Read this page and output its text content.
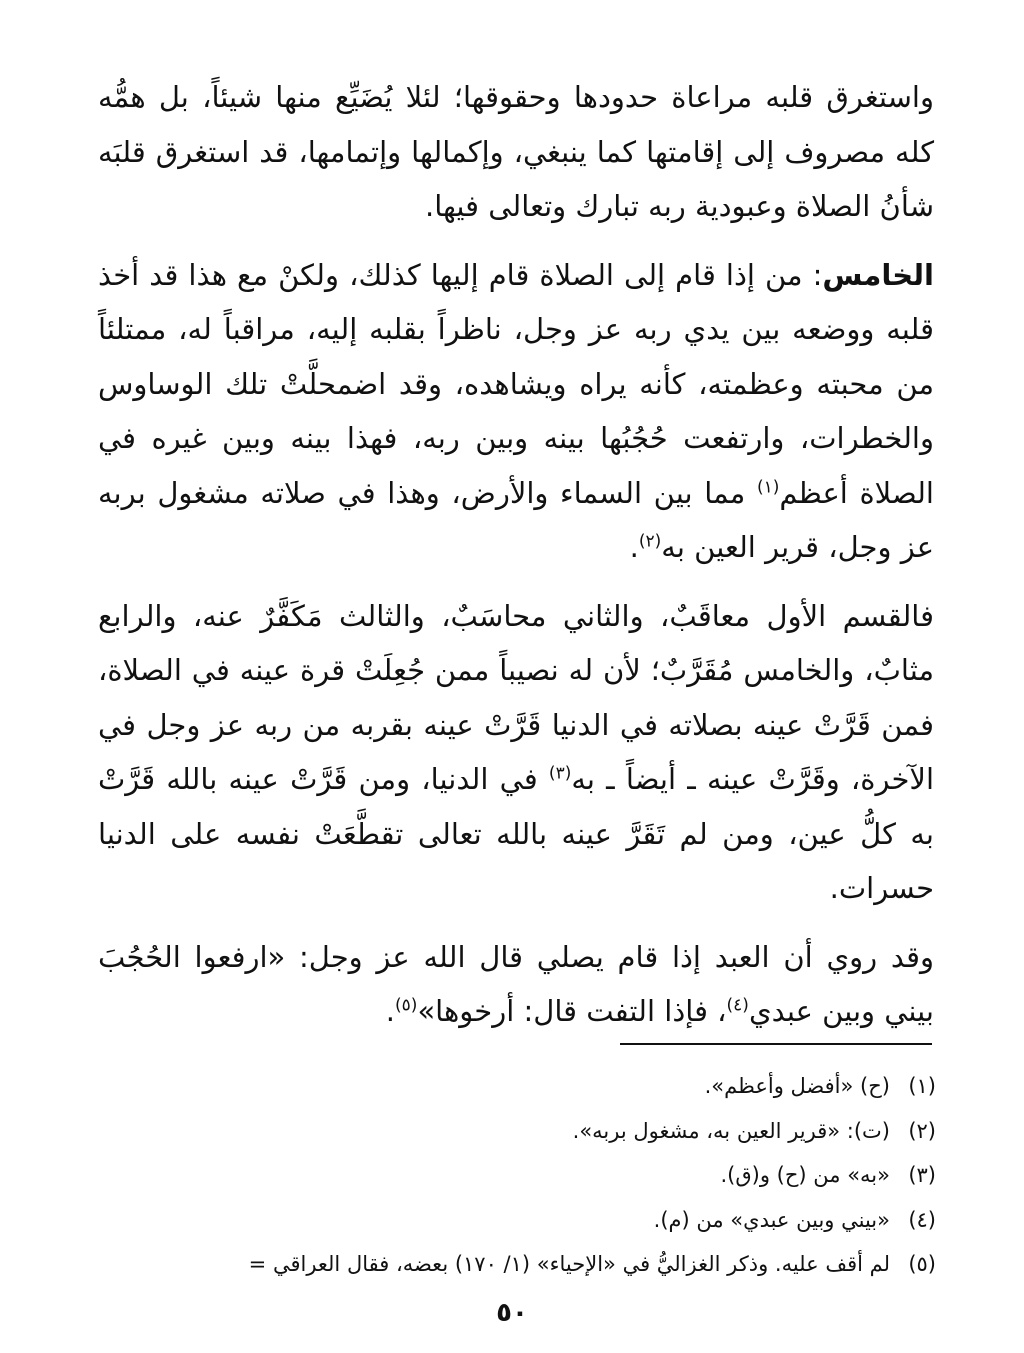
واستغرق قلبه مراعاة حدودها وحقوقها؛ لئلا يُضَيِّع منها شيئاً، بل همُّه كله مصروف إلى إقامتها كما ينبغي، وإكمالها وإتمامها، قد استغرق قلبَه شأنُ الصلاة وعبودية ربه تبارك وتعالى فيها.

الخامس: من إذا قام إلى الصلاة قام إليها كذلك، ولكنْ مع هذا قد أخذ قلبه ووضعه بين يدي ربه عز وجل، ناظراً بقلبه إليه، مراقباً له، ممتلئاً من محبته وعظمته، كأنه يراه ويشاهده، وقد اضمحلَّتْ تلك الوساوس والخطرات، وارتفعت حُجُبُها بينه وبين ربه، فهذا بينه وبين غيره في الصلاة أعظم$^{(١)}$ مما بين السماء والأرض، وهذا في صلاته مشغول بربه عز وجل، قرير العين به$^{(٢)}$.

فالقسم الأول معاقَبٌ، والثاني محاسَبٌ، والثالث مَكَفَّرٌ عنه، والرابع مثابٌ، والخامس مُقَرَّبٌ؛ لأن له نصيباً ممن جُعِلَتْ قرة عينه في الصلاة، فمن قَرَّتْ عينه بصلاته في الدنيا قَرَّتْ عينه بقربه من ربه عز وجل في الآخرة، وقَرَّتْ عينه ـ أيضاً ـ به$^{(٣)}$ في الدنيا، ومن قَرَّتْ عينه بالله قَرَّتْ به كلُّ عين، ومن لم تَقَرَّ عينه بالله تعالى تقطَّعَتْ نفسه على الدنيا حسرات.

وقد روي أن العبد إذا قام يصلي قال الله عز وجل: «ارفعوا الحُجُبَ بيني وبين عبدي$^{(٤)}$، فإذا التفت قال: أرخوها»$^{(٥)}$.

(١)(ح) «أفضل وأعظم».
(٢)(ت): «قرير العين به، مشغول بربه».
(٣)«به» من (ح) و(ق).
(٤)«بيني وبين عبدي» من (م).
(٥)لم أقف عليه. وذكر الغزاليُّ في «الإحياء» (١/ ١٧٠) بعضه، فقال العراقي =
٥٠
